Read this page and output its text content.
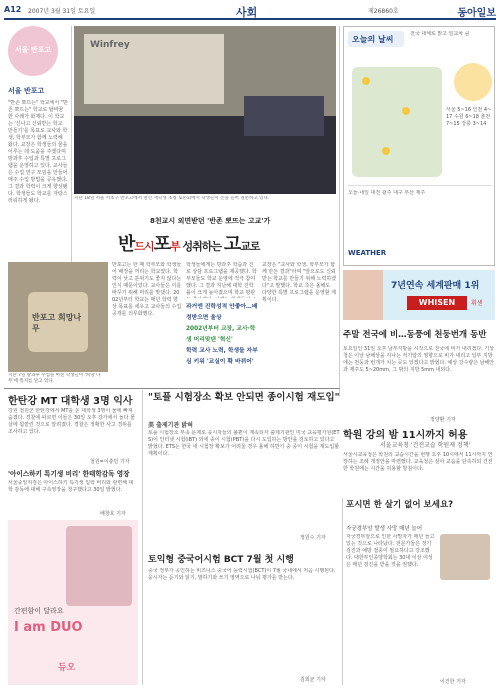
A12 2007년 3월 31일 토요일	사회	제26860호	동아일보
서울 반포고
서울 반포고
"반존 뽀뜨는" 학교에서 "반존 뽀뜨는" 학교로 탈바꿈한 사례가 화제다. 이 학교는 '신나고 신뢰받는 학교 만들기'를 목표로 교사와 학생, 학부모가 함께 노력해 왔다. 교장은 학생들의 꿈을 이루는 데 도움을 주겠다며 방과후 수업과 특별 프로그램을 운영하고 있다. 교사들은 수업 연구 모임을 만들어 매주 수업 방법을 공유했다. 그 결과 학력이 크게 향상됐다. 학생들도 학교를 자랑스러워하게 됐다.
Winfrey
지난 18일 서울 서초구 반포고에서 열린 재학생 초청 토론회에서 학생들이 손을 들어 질문하고 있다.
8천교시 외면받던 '반존 뽀뜨는 고교'가
반드시포부 성취하는 고교로
반포고 희망나무
지난 7일 방과후 수업을 마친 학생들이 '희망 나무'에 쪽지를 달고 있다.
반포고는 한 때 학부모와 학생들이 배정을 꺼리는 학교였다. 학력이 낮고 분위기도 좋지 않다는 인식 때문이었다. 교사들은 이를 바꾸기 위해 머리를 맞댔다. 2002년부터 학교는 매년 학력 향상 목표를 세우고 교사들의 수업 공개를 의무화했다.
학생들에게는 방과후 학습과 진로 상담 프로그램을 제공했다. 학부모들도 학교 운영에 적극 참여했다. 그 결과 지난해 대학 진학률이 크게 높아졌으며 학교 평판
과거엔 진학성적 안좋아…배정받으면 울상
2002년부터 교장, 교사·학생 머리맞댄 '혁신'
학력 교사 노력, 학생들 자부심 키워 '교실이 확 바뀌어'
교장은 "교사와 학생, 학부모가 함께 만든 결과"라며 "앞으로도 신뢰받는 학교를 만들기 위해 노력하겠다"고 말했다. 학교 측은 올해도 다양한 특별 프로그램을 운영할 계획이다.
오늘의 날씨
전국 대체로 맑고 일교차 큼
서울 5~16 인천 4~17 수원 6~18 춘천 7~15 강릉 3~14
오늘·내일 대전 광주 대구 부산 제주
WEATHER
7년연속 세계판매 1위
WHISEN	휘센
주말 전국에 비…동풍에 천둥번개 동반
토요일인 31일 오후 남부지방을 시작으로 전국에 비가 내리겠다. 기상청은 이날 남해상을 지나는 저기압의 영향으로 비가 내리고 일부 지방에는 천둥과 번개가 치는 곳도 있겠다고 밝혔다. 예상 강수량은 남해안과 제주도 5~20mm, 그 밖의 지방 5mm 내외다.
정양환 기자
학원 강의 밤 11시까지 허용
서울교육청 '건전교습 학원제 정책'
서울시교육청은 학원의 교습시간을 현행 오후 10시에서 11시까지 연장하는 조례 개정안을 마련했다. 교육청은 심야 교습을 단속하되 건전한 학원에는 시간을 허용할 방침이다.
한탄강 MT 대학생 3명 익사
강원 철원군 한탄강에서 MT를 온 대학생 3명이 물에 빠져 숨졌다. 경찰에 따르면 이들은 30일 오후 강가에서 놀다 물살에 휩쓸린 것으로 알려졌다. 경찰은 정확한 사고 경위를 조사하고 있다.
철원=이충민 기자
'아이스하키 특기생 비리' 한태학감독 영장
서울중앙지검은 아이스하키 특기생 입학 비리와 관련해 대학 감독에 대해 구속영장을 청구했다고 30일 밝혔다.
배창호 기자
간편함이 달라요
I am DUO
듀오
"토플 시험장소 확보 안되면 종이시험 재도입"
美 출제기관 밝혀
토플 시험장소 부족 문제로 응시자들의 불편이 계속되자 출제기관인 미국 교육평가원(ETS)이 인터넷 시험(iBT) 외에 종이 시험(PBT)을 다시 도입하는 방안을 검토하고 있다고 밝혔다. ETS는 한국 내 시험장 확보가 어려울 경우 올해 하반기 중 종이 시험을 재도입할 계획이다.
정원수 기자
토익형 중국어시험 BCT 7월 첫 시행
중국 정부가 공인하는 비즈니스 중국어 능력시험(BCT)이 7월 국내에서 처음 시행된다. 응시자는 듣기와 읽기, 말하기와 쓰기 영역으로 나눠 평가를 받는다.
김희균 기자
포시면 한 살기 없어 보세요?
자궁경부암 발생 사망 매년 늘어
자궁경부암으로 인한 사망자가 매년 늘고 있는 것으로 나타났다. 전문가들은 정기 검진과 예방 접종이 필요하다고 강조했다. 대한부인종양학회는 30대 이상 여성은 매년 검진을 받을 것을 권했다.
이진한 기자
